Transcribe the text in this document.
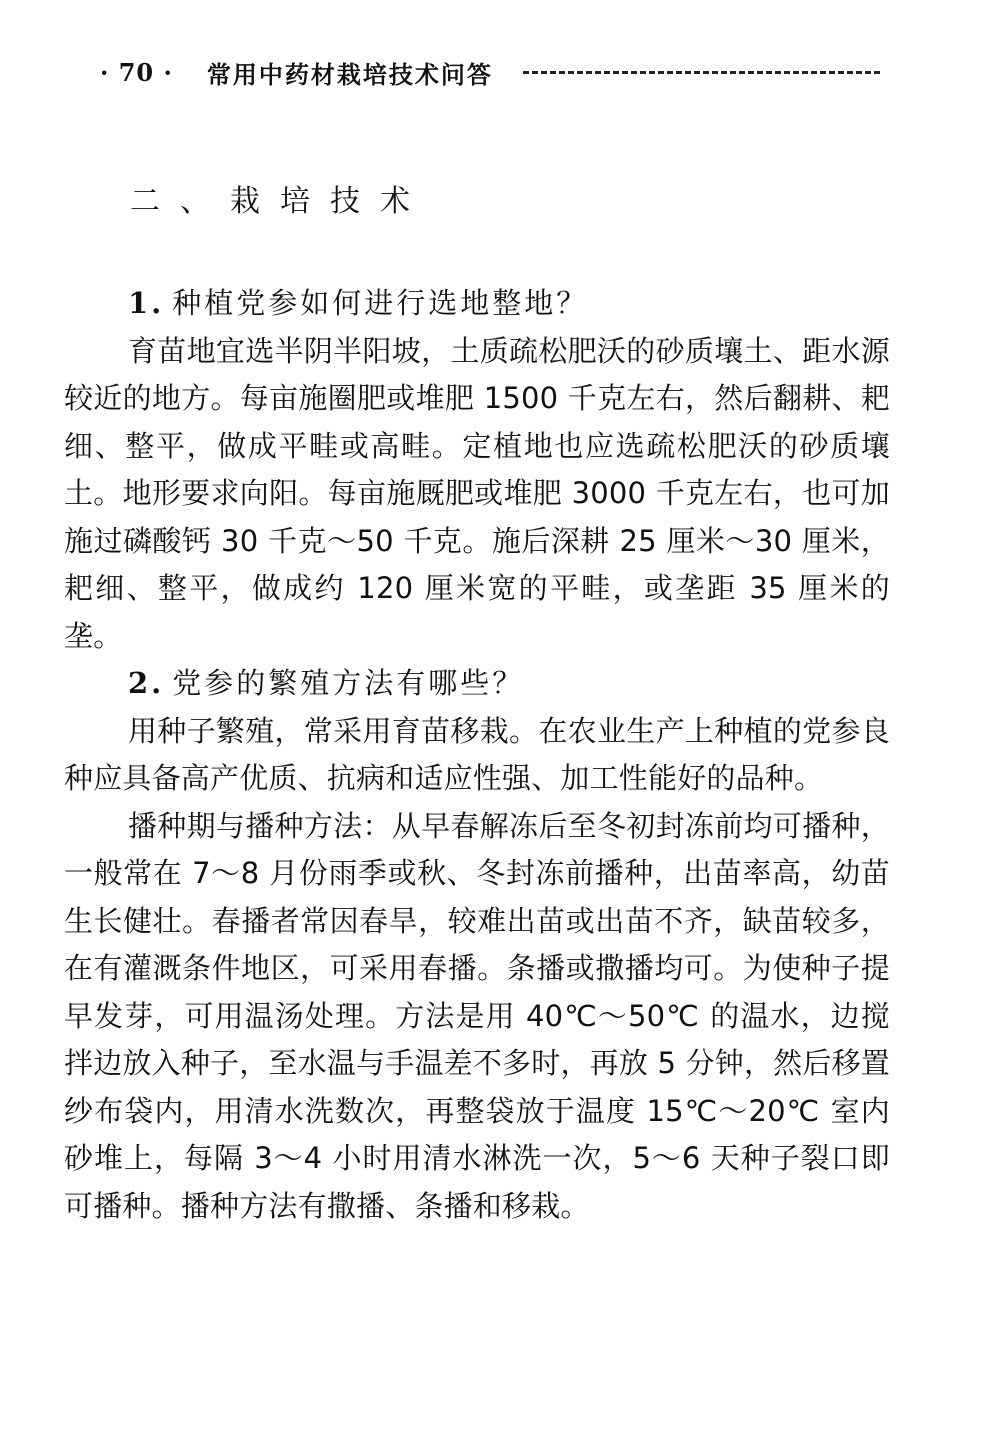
· 70 · 常用中药材栽培技术问答
二、栽培技术
1. 种植党参如何进行选地整地？

育苗地宜选半阴半阳坡，土质疏松肥沃的砂质壤土、距水源较近的地方。每亩施圈肥或堆肥 1500 千克左右，然后翻耕、耙细、整平，做成平畦或高畦。定植地也应选疏松肥沃的砂质壤土。地形要求向阳。每亩施厩肥或堆肥 3000 千克左右，也可加施过磷酸钙 30 千克～50 千克。施后深耕 25 厘米～30 厘米，耙细、整平，做成约 120 厘米宽的平畦，或垄距 35 厘米的垄。

2. 党参的繁殖方法有哪些？

用种子繁殖，常采用育苗移栽。在农业生产上种植的党参良种应具备高产优质、抗病和适应性强、加工性能好的品种。

播种期与播种方法：从早春解冻后至冬初封冻前均可播种，一般常在 7～8 月份雨季或秋、冬封冻前播种，出苗率高，幼苗生长健壮。春播者常因春旱，较难出苗或出苗不齐，缺苗较多，在有灌溉条件地区，可采用春播。条播或撒播均可。为使种子提早发芽，可用温汤处理。方法是用 40℃～50℃ 的温水，边搅拌边放入种子，至水温与手温差不多时，再放 5 分钟，然后移置纱布袋内，用清水洗数次，再整袋放于温度 15℃～20℃ 室内砂堆上，每隔 3～4 小时用清水淋洗一次，5～6 天种子裂口即可播种。播种方法有撒播、条播和移栽。
